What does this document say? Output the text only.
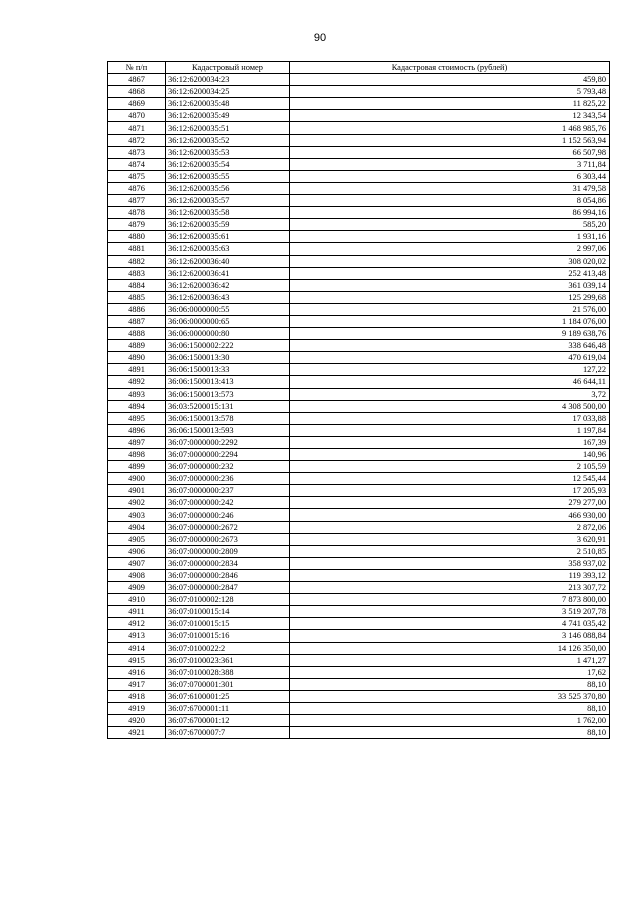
90
№ п/п	Кадастровый номер	Кадастровая стоимость (рублей)
4867	36:12:6200034:23	459,80
4868	36:12:6200034:25	5 793,48
4869	36:12:6200035:48	11 825,22
4870	36:12:6200035:49	12 343,54
4871	36:12:6200035:51	1 468 985,76
4872	36:12:6200035:52	1 152 563,94
4873	36:12:6200035:53	66 507,98
4874	36:12:6200035:54	3 711,84
4875	36:12:6200035:55	6 303,44
4876	36:12:6200035:56	31 479,58
4877	36:12:6200035:57	8 054,86
4878	36:12:6200035:58	86 994,16
4879	36:12:6200035:59	585,20
4880	36:12:6200035:61	1 931,16
4881	36:12:6200035:63	2 997,06
4882	36:12:6200036:40	308 020,02
4883	36:12:6200036:41	252 413,48
4884	36:12:6200036:42	361 039,14
4885	36:12:6200036:43	125 299,68
4886	36:06:0000000:55	21 576,00
4887	36:06:0000000:65	1 184 076,00
4888	36:06:0000000:80	9 189 638,76
4889	36:06:1500002:222	338 646,48
4890	36:06:1500013:30	470 619,04
4891	36:06:1500013:33	127,22
4892	36:06:1500013:413	46 644,11
4893	36:06:1500013:573	3,72
4894	36:03:5200015:131	4 308 500,00
4895	36:06:1500013:578	17 033,88
4896	36:06:1500013:593	1 197,84
4897	36:07:0000000:2292	167,39
4898	36:07:0000000:2294	140,96
4899	36:07:0000000:232	2 105,59
4900	36:07:0000000:236	12 545,44
4901	36:07:0000000:237	17 205,93
4902	36:07:0000000:242	279 277,00
4903	36:07:0000000:246	466 930,00
4904	36:07:0000000:2672	2 872,06
4905	36:07:0000000:2673	3 620,91
4906	36:07:0000000:2809	2 510,85
4907	36:07:0000000:2834	358 937,02
4908	36:07:0000000:2846	119 393,12
4909	36:07:0000000:2847	213 307,72
4910	36:07:0100002:128	7 873 800,00
4911	36:07:0100015:14	3 519 207,78
4912	36:07:0100015:15	4 741 035,42
4913	36:07:0100015:16	3 146 088,84
4914	36:07:0100022:2	14 126 350,00
4915	36:07:0100023:361	1 471,27
4916	36:07:0100028:388	17,62
4917	36:07:0700001:301	88,10
4918	36:07:6100001:25	33 525 370,80
4919	36:07:6700001:11	88,10
4920	36:07:6700001:12	1 762,00
4921	36:07:6700007:7	88,10
